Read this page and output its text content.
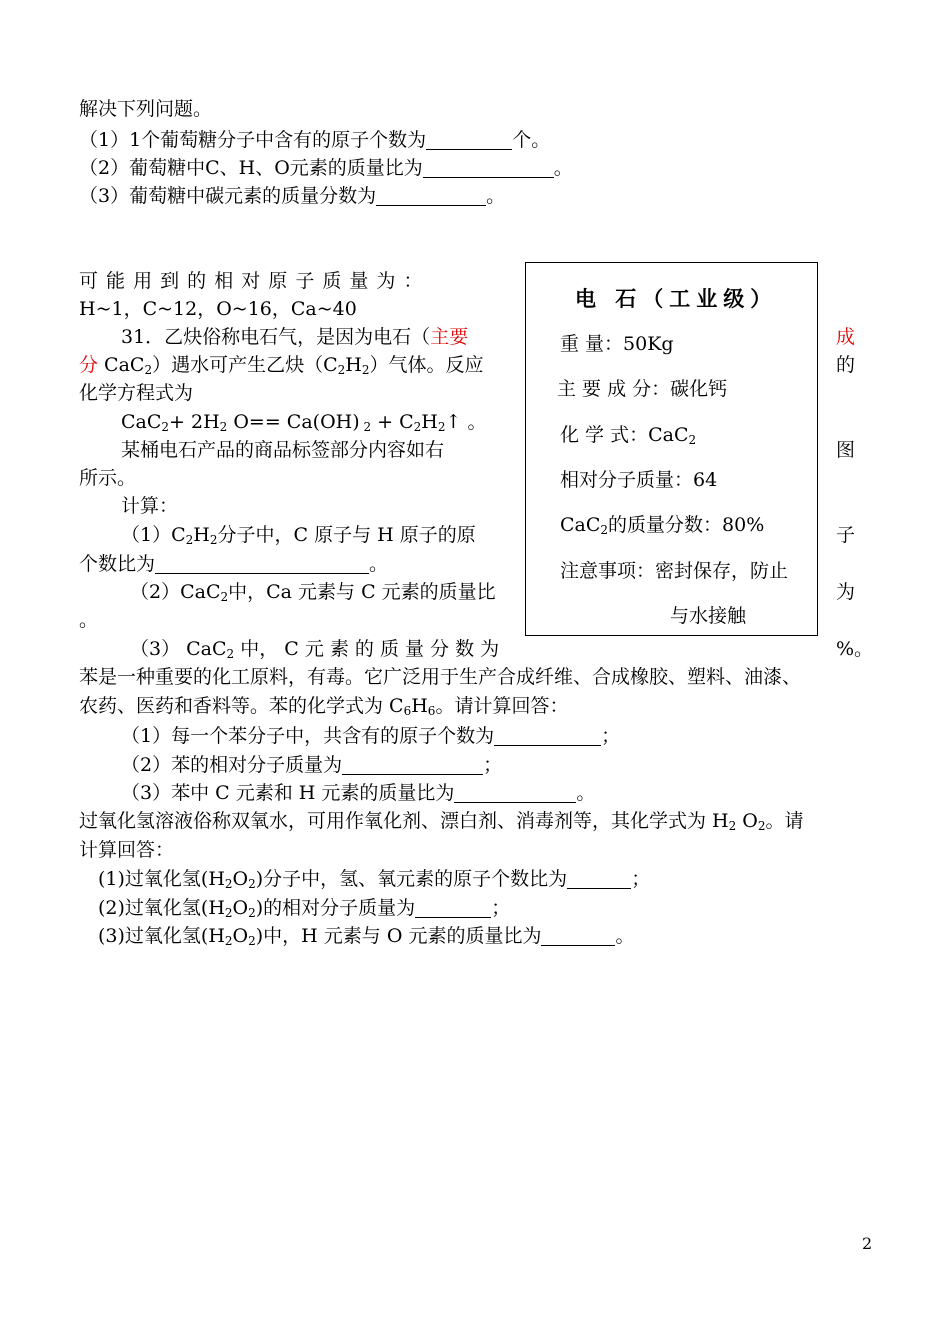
解决下列问题。
（1）1个葡萄糖分子中含有的原子个数为	个。
（2）葡萄糖中C、H、O元素的质量比为	。
（3）葡萄糖中碳元素的质量分数为	。
可 能 用 到 的 相 对 原 子 质 量 为 ：
H~1，C~12，O~16，Ca~40
31．乙炔俗称电石气，是因为电石（主要
分 CaC$_2$）遇水可产生乙炔$(C_2H_2)$气体。反应
化学方程式为
$CaC_2+ 2H_2$ O== Ca(OH) $_2 + C_2H_2↑$ 。
某桶电石产品的商品标签部分内容如右
所示。
计算：
$(1)C_2H_2$分子中，C 原子与 H 原子的原
个数比为	。
（2）CaC$_2$中，Ca 元素与 C 元素的质量比
。
（3） CaC$_2$ 中， C 元 素 的 质 量 分 数 为
成
的
图
子
为
%。
电 石（工业级）
重 量：50Kg
主 要 成 分：碳化钙
化 学 式：CaC$_2$
相对分子质量：64
CaC$_2$的质量分数：80%
注意事项：密封保存，防止
与水接触
苯是一种重要的化工原料，有毒。它广泛用于生产合成纤维、合成橡胶、塑料、油漆、
农药、医药和香料等。苯的化学式为 $C_6H_6$。请计算回答：
（1）每一个苯分子中，共含有的原子个数为	；
（2）苯的相对分子质量为	；
（3）苯中 C 元素和 H 元素的质量比为	。
过氧化氢溶液俗称双氧水，可用作氧化剂、漂白剂、消毒剂等，其化学式为 $H_2$ $O_2$。请
计算回答：
(1)过氧化氢$(H_2O_2)$分子中，氢、氧元素的原子个数比为	；
(2)过氧化氢$(H_2O_2)$的相对分子质量为	；
(3)过氧化氢$(H_2O_2)$中，H 元素与 O 元素的质量比为	。
2
